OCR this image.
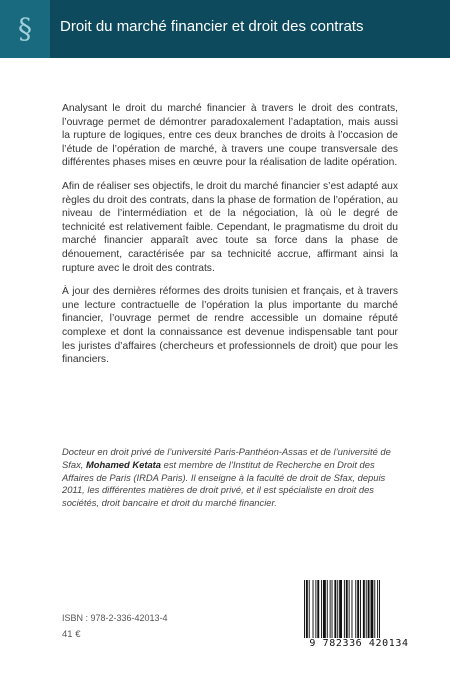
§	Droit du marché financier et droit des contrats

Analysant le droit du marché financier à travers le droit des contrats, l’ouvrage permet de démontrer paradoxalement l’adaptation, mais aussi la rupture de logiques, entre ces deux branches de droits à l’occasion de l’étude de l’opération de marché, à travers une coupe transversale des différentes phases mises en œuvre pour la réalisation de ladite opération.

Afin de réaliser ses objectifs, le droit du marché financier s’est adapté aux règles du droit des contrats, dans la phase de formation de l’opération, au niveau de l’intermédiation et de la négociation, là où le degré de technicité est relativement faible. Cependant, le pragmatisme du droit du marché financier apparaît avec toute sa force dans la phase de dénouement, caractérisée par sa technicité accrue, affirmant ainsi la rupture avec le droit des contrats.

À jour des dernières réformes des droits tunisien et français, et à travers une lecture contractuelle de l’opération la plus importante du marché financier, l’ouvrage permet de rendre accessible un domaine réputé complexe et dont la connaissance est devenue indispensable tant pour les juristes d’affaires (chercheurs et professionnels de droit) que pour les financiers.

Docteur en droit privé de l’université Paris-Panthéon-Assas et de l’université de Sfax, Mohamed Ketata est membre de l’Institut de Recherche en Droit des Affaires de Paris (IRDA Paris). Il enseigne à la faculté de droit de Sfax, depuis 2011, les différentes matières de droit privé, et il est spécialiste en droit des sociétés, droit bancaire et droit du marché financier.
ISBN : 978-2-336-42013-4
41 €
9 782336 420134
